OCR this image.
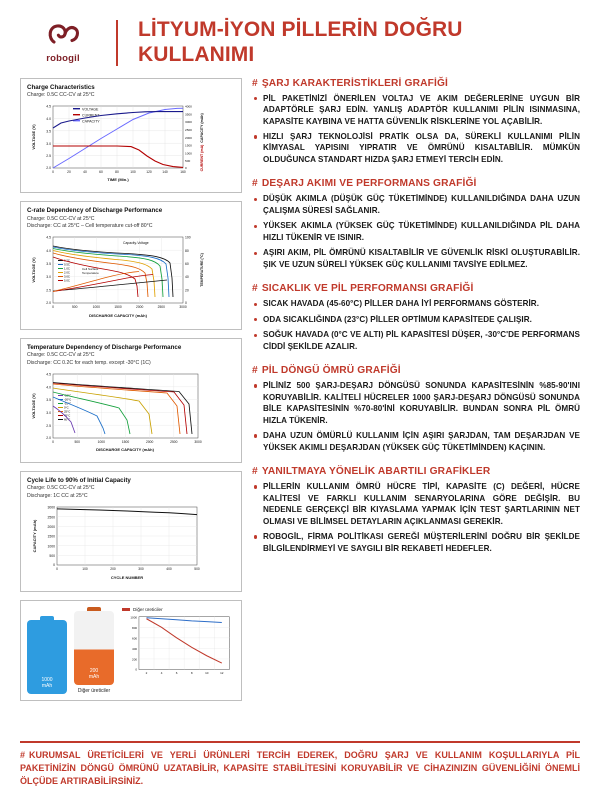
robogil
LİTYUM-İYON PİLLERİN DOĞRU KULLANIMI
Charge Characteristics
Charge: 0.5C CC-CV at 25°C
VOLTAGE
CURRENT
CAPACITY
4.5
4.0
3.5
3.0
2.5
2.0
4000
3500
3000
2500
2000
1500
1000
500
0
0	20	40	60	80	100	120	140	160
TIME (Min.)
VOLTAGE (V)	CAPACITY (mAh)
CURRENT (mA)
C-rate Dependency of Discharge Performance
Charge: 0.5C CC-CV at 25°C
Discharge: CC at 25°C – Cell temperature cut-off 80°C
4.5
4.0
3.5
3.0
2.5
2.0
100
80
60
40
20
0
0	500	1000	1500	2000	2500	3000
DISCHARGE CAPACITY (mAh)
VOLTAGE (V)	TEMPERATURE (°C)
Capacity-Voltage
Cell Surface
Temperature
0.2C
0.5C
1.0C
2.0C
3.0C
5.0C
Temperature Dependency of Discharge Performance
Charge: 0.5C CC-CV at 25°C
Discharge: CC 0.2C for each temp. except -30°C (1C)
4.5
4.0
3.5
3.0
2.5
2.0
0	500	1000	1500	2000	2500	3000
DISCHARGE CAPACITY (mAh)
VOLTAGE (V)	-30°C
-20°C
-10°C
0°C
25°C
45°C
60°C
Cycle Life to 90% of Initial Capacity
Charge: 0.5C CC-CV at 25°C
Discharge: 1C CC at 25°C
3000
2500
2000
1500
1000
500
0
0	100	200	300	400	500
CYCLE NUMBER
CAPACITY (mAh)
1000
mAh
200
mAh
Diğer üreticiler
Diğer üreticiler
1000
800
600
400
200
0
2	4	6	8	10	12
# ŞARJ KARAKTERİSTİKLERİ GRAFİĞİ
PİL PAKETİNİZİ ÖNERİLEN VOLTAJ VE AKIM DEĞERLERİNE UYGUN BİR ADAPTÖRLE ŞARJ EDİN. YANLIŞ ADAPTÖR KULLANIMI PİLİN ISINMASINA, KAPASİTE KAYBINA VE HATTA GÜVENLİK RİSKLERİNE YOL AÇABİLİR.
HIZLI ŞARJ TEKNOLOJİSİ PRATİK OLSA DA, SÜREKLİ KULLANIMI PİLİN KİMYASAL YAPISINI YIPRATIR VE ÖMRÜNÜ KISALTABİLİR. MÜMKÜN OLDUĞUNCA STANDART HIZDA ŞARJ ETMEYİ TERCİH EDİN.
# DEŞARJ AKIMI VE PERFORMANS GRAFİĞİ
DÜŞÜK AKIMLA (DÜŞÜK GÜÇ TÜKETİMİNDE) KULLANILDIĞINDA DAHA UZUN ÇALIŞMA SÜRESİ SAĞLANIR.
YÜKSEK AKIMLA (YÜKSEK GÜÇ TÜKETİMİNDE) KULLANILDIĞINDA PİL DAHA HIZLI TÜKENİR VE ISINIR.
AŞIRI AKIM, PİL ÖMRÜNÜ KISALTABİLİR VE GÜVENLİK RİSKİ OLUŞTURABİLİR. ŞIK VE UZUN SÜRELİ YÜKSEK GÜÇ KULLANIMI TAVSİYE EDİLMEZ.
# SICAKLIK VE PİL PERFORMANSI GRAFİĞİ
SICAK HAVADA (45-60°C) PİLLER DAHA İYİ PERFORMANS GÖSTERİR.
ODA SICAKLIĞINDA (23°C) PİLLER OPTİMUM KAPASİTEDE ÇALIŞIR.
SOĞUK HAVADA (0°C VE ALTI) PİL KAPASİTESİ DÜŞER, -30°C'DE PERFORMANS CİDDİ ŞEKİLDE AZALIR.
# PİL DÖNGÜ ÖMRÜ GRAFİĞİ
PİLİNİZ 500 ŞARJ-DEŞARJ DÖNGÜSÜ SONUNDA KAPASİTESİNİN %85-90'INI KORUYABİLİR. KALİTELİ HÜCRELER 1000 ŞARJ-DEŞARJ DÖNGÜSÜ SONUNDA BİLE KAPASİTESİNİN %70-80'İNİ KORUYABİLİR. BUNDAN SONRA PİL ÖMRÜ HIZLA TÜKENİR.
DAHA UZUN ÖMÜRLÜ KULLANIM İÇİN AŞIRI ŞARJDAN, TAM DEŞARJDAN VE YÜKSEK AKIMLI DEŞARJDAN (YÜKSEK GÜÇ TÜKETİMİNDEN) KAÇININ.
# YANILTMAYA YÖNELİK ABARTILI GRAFİKLER
PİLLERİN KULLANIM ÖMRÜ HÜCRE TİPİ, KAPASİTE (C) DEĞERİ, HÜCRE KALİTESİ VE FARKLI KULLANIM SENARYOLARINA GÖRE DEĞİŞİR. BU NEDENLE GERÇEKÇİ BİR KIYASLAMA YAPMAK İÇİN TEST ŞARTLARININ NET OLMASI VE BİLİMSEL DETAYLARIN AÇIKLANMASI GEREKİR.
ROBOGİL, FİRMA POLİTİKASI GEREĞİ MÜŞTERİLERİNİ DOĞRU BİR ŞEKİLDE BİLGİLENDİRMEYİ VE SAYGILI BİR REKABETİ HEDEFLER.
# KURUMSAL ÜRETİCİLERİ VE YERLİ ÜRÜNLERİ TERCİH EDEREK, DOĞRU ŞARJ VE KULLANIM KOŞULLARIYLA PİL PAKETİNİZİN DÖNGÜ ÖMRÜNÜ UZATABİLİR, KAPASİTE STABİLİTESİNİ KORUYABİLİR VE CİHAZINIZIN GÜVENLİĞİNİ ÖNEMLİ ÖLÇÜDE ARTIRABİLİRSİNİZ.
